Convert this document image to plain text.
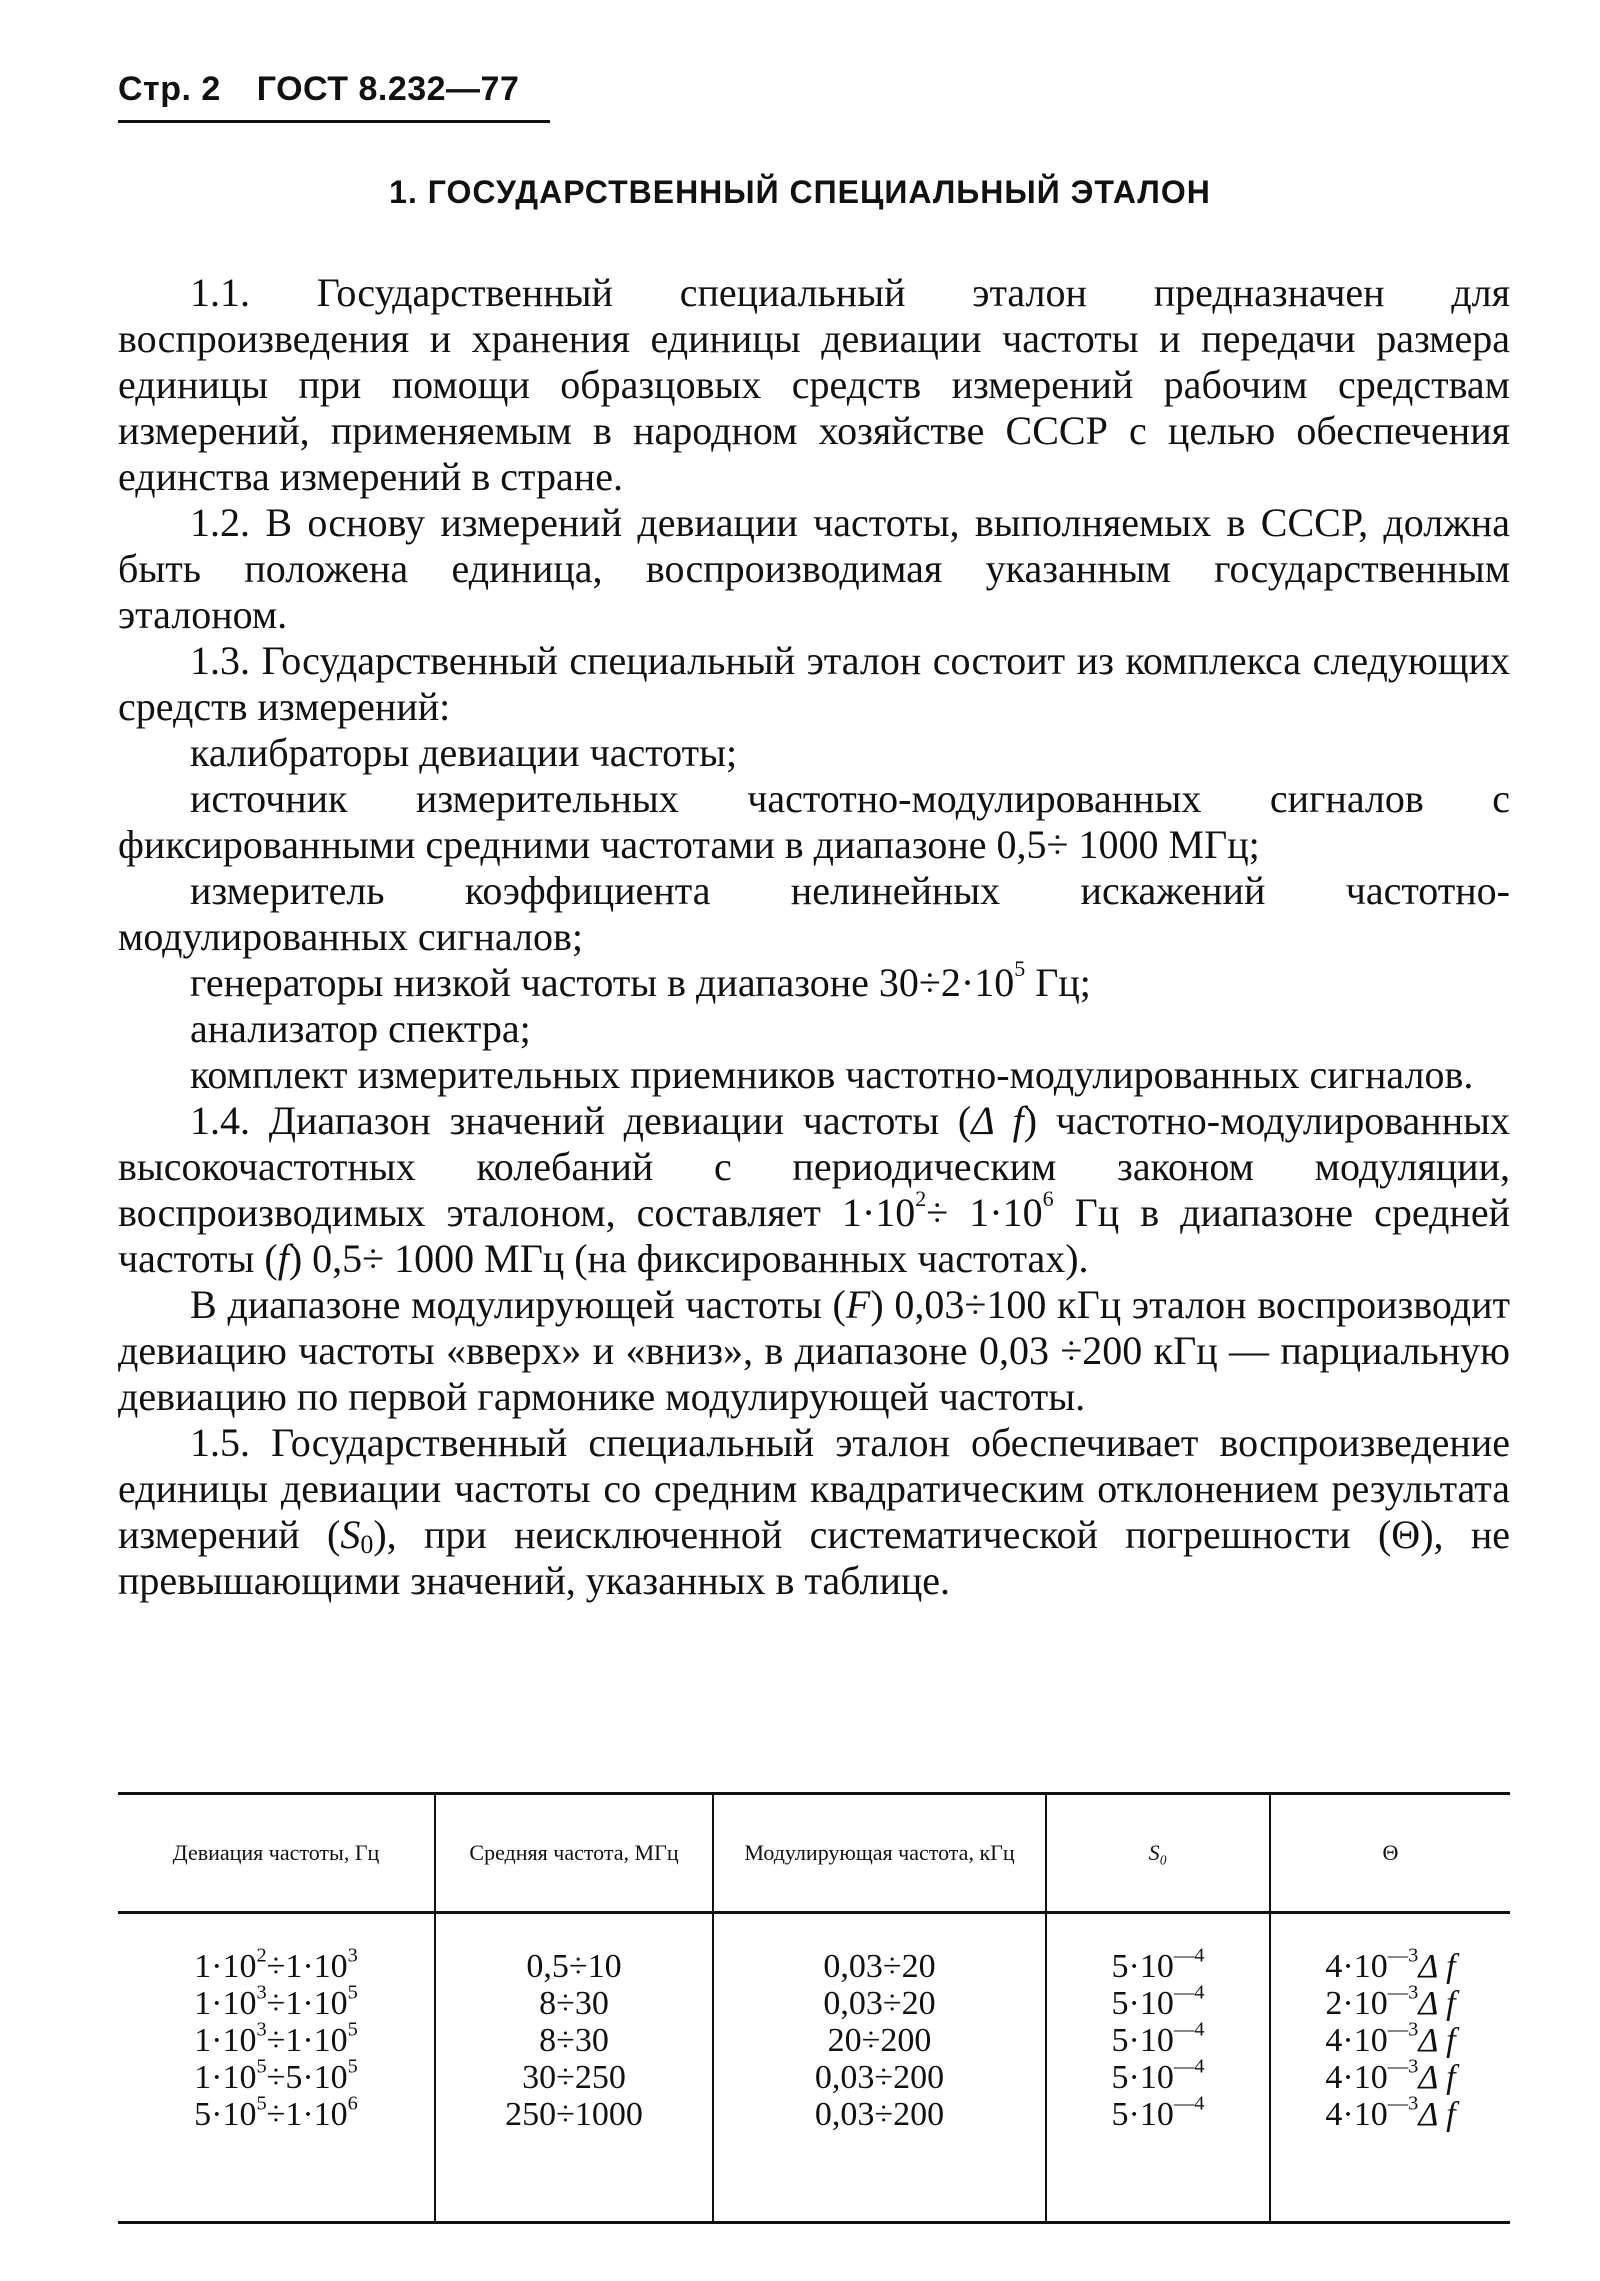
Стр. 2 ГОСТ 8.232—77
1. ГОСУДАРСТВЕННЫЙ СПЕЦИАЛЬНЫЙ ЭТАЛОН

1.1. Государственный специальный эталон предназначен для воспроизведения и хранения единицы девиации частоты и передачи размера единицы при помощи образцовых средств измерений рабочим средствам измерений, применяемым в народном хозяйстве СССР с целью обеспечения единства измерений в стране.

1.2. В основу измерений девиации частоты, выполняемых в СССР, должна быть положена единица, воспроизводимая указанным государственным эталоном.

1.3. Государственный специальный эталон состоит из комплекса следующих средств измерений:

калибраторы девиации частоты;

источник измерительных частотно-модулированных сигналов с фиксированными средними частотами в диапазоне 0,5÷ 1000 МГц;

измеритель коэффициента нелинейных искажений частотно-модулированных сигналов;

генераторы низкой частоты в диапазоне $30\div 2\cdot 10^5$ Гц;

анализатор спектра;

комплект измерительных приемников частотно-модулированных сигналов.

1.4. Диапазон значений девиации частоты (Δ f) частотно-модулированных высокочастотных колебаний с периодическим законом модуляции, воспроизводимых эталоном, составляет $1\cdot 10^2\div 1\cdot 10^6$ Гц в диапазоне средней частоты (f) 0,5÷ 1000 МГц (на фиксированных частотах).

В диапазоне модулирующей частоты (F) 0,03÷100 кГц эталон воспроизводит девиацию частоты «вверх» и «вниз», в диапазоне 0,03 ÷200 кГц — парциальную девиацию по первой гармонике модулирующей частоты.

1.5. Государственный специальный эталон обеспечивает воспроизведение единицы девиации частоты со средним квадратическим отклонением результата измерений $(S_0)$, при неисключенной систематической погрешности (Θ), не превышающими значений, указанных в таблице.

Девиация частоты, Гц	Средняя частота, МГц	Модулирующая частота, кГц	S₀	Θ
$1\cdot 10^2\div 1\cdot 10^3$	0,5÷10	0,03÷20	$5\cdot 10^{—4}$	$4\cdot 10^{—3}\Delta$ f
$1\cdot 10^3\div 1\cdot 10^5$	8÷30	0,03÷20	$5\cdot 10^{—4}$	$2\cdot 10^{—3}\Delta$ f
$1\cdot 10^3\div 1\cdot 10^5$	8÷30	20÷200	$5\cdot 10^{—4}$	$4\cdot 10^{—3}\Delta$ f
$1\cdot 10^5\div 5\cdot 10^5$	30÷250	0,03÷200	$5\cdot 10^{—4}$	$4\cdot 10^{—3}\Delta$ f
$5\cdot 10^5\div 1\cdot 10^6$	250÷1000	0,03÷200	$5\cdot 10^{—4}$	$4\cdot 10^{—3}\Delta$ f
